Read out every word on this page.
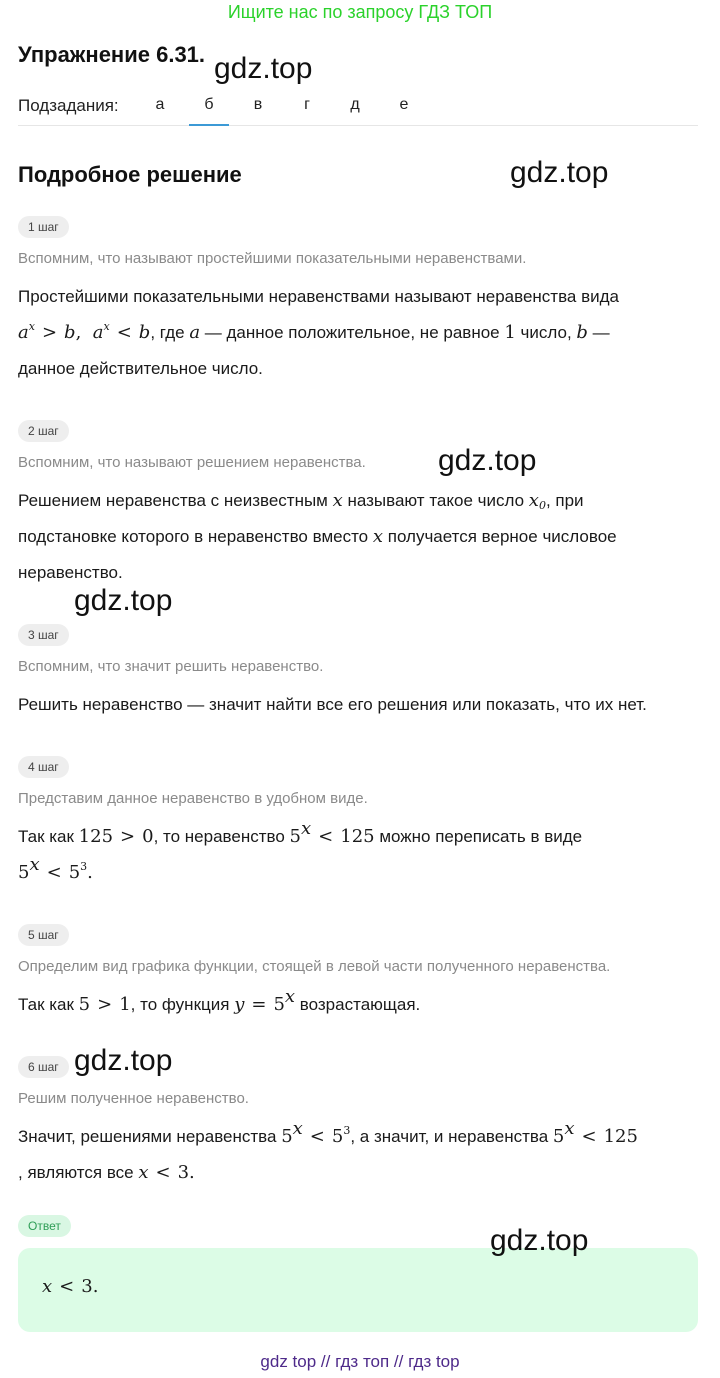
Ищите нас по запросу ГДЗ ТОП
Упражнение 6.31.
Подзадания:	а	б	в	г	д	е
Подробное решение
1 шаг
Вспомним, что называют простейшими показательными неравенствами.
Простейшими показательными неравенствами называют неравенства вида
$a^x > b$,  $a^x < b$, где a — данное положительное, не равное 1 число, b —
данное действительное число.
2 шаг
Вспомним, что называют решением неравенства.
Решением неравенства с неизвестным x называют такое число $x_0$, при
подстановке которого в неравенство вместо x получается верное числовое
неравенство.
3 шаг
Вспомним, что значит решить неравенство.
Решить неравенство — значит найти все его решения или показать, что их нет.
4 шаг
Представим данное неравенство в удобном виде.
Так как 125 > 0, то неравенство $5^x < 125$ можно переписать в виде
$5^x < 5^3$.
5 шаг
Определим вид графика функции, стоящей в левой части полученного неравенства.
Так как 5 > 1, то функция $y = 5^x$ возрастающая.
6 шаг
Решим полученное неравенство.
Значит, решениями неравенства $5^x < 5^3$, а значит, и неравенства $5^x < 125$
, являются все x < 3.
Ответ
x < 3.
gdz top // гдз топ // гдз top
gdz.top
gdz.top
gdz.top
gdz.top
gdz.top
gdz.top
